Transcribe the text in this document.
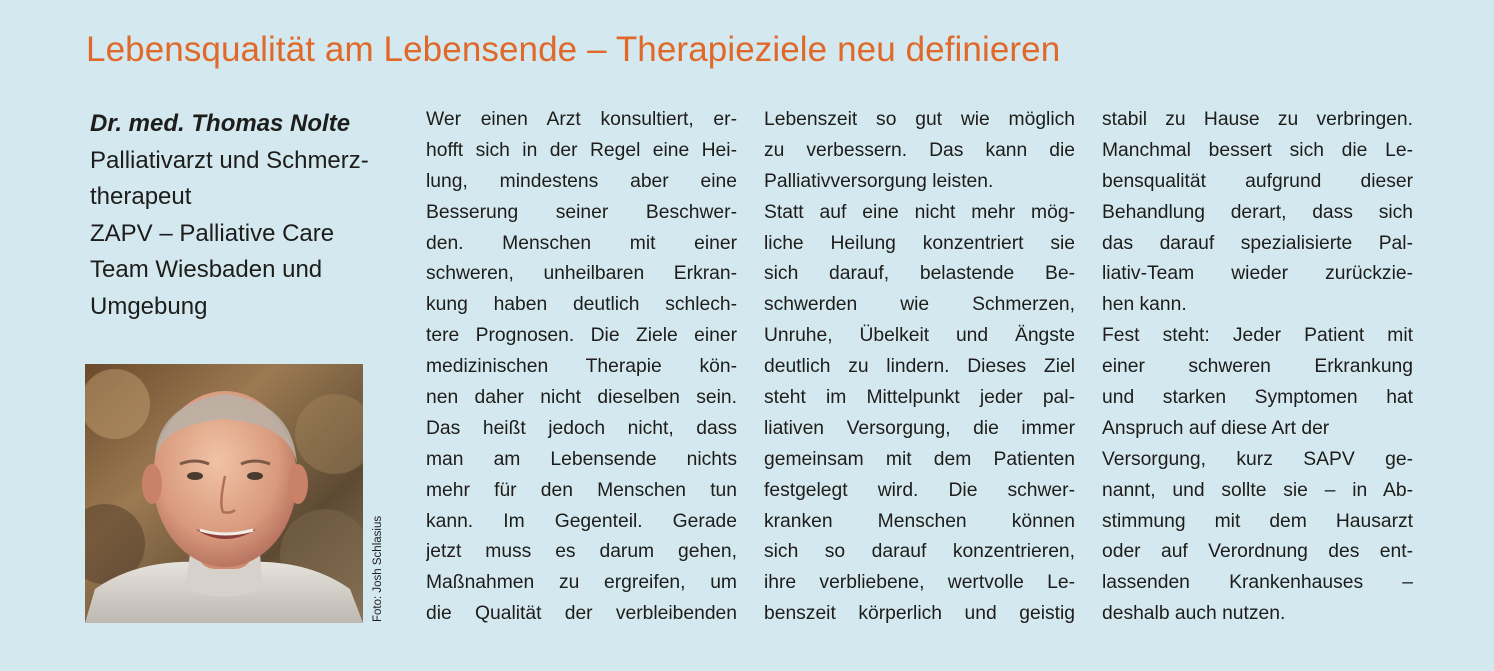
Lebensqualität am Lebensende – Therapieziele neu definieren
Dr. med. Thomas Nolte
Palliativarzt und Schmerz-
therapeut
ZAPV – Palliative Care
Team Wiesbaden und
Umgebung
Foto: Josh Schlasius
Wer einen Arzt konsultiert, er-
hofft sich in der Regel eine Hei-
lung, mindestens aber eine
Besserung seiner Beschwer-
den. Menschen mit einer
schweren, unheilbaren Erkran-
kung haben deutlich schlech-
tere Prognosen. Die Ziele einer
medizinischen Therapie kön-
nen daher nicht dieselben sein.
Das heißt jedoch nicht, dass
man am Lebensende nichts
mehr für den Menschen tun
kann. Im Gegenteil. Gerade
jetzt muss es darum gehen,
Maßnahmen zu ergreifen, um
die Qualität der verbleibenden
Lebenszeit so gut wie möglich
zu verbessern. Das kann die
Palliativversorgung leisten.
Statt auf eine nicht mehr mög-
liche Heilung konzentriert sie
sich darauf, belastende Be-
schwerden wie Schmerzen,
Unruhe, Übelkeit und Ängste
deutlich zu lindern. Dieses Ziel
steht im Mittelpunkt jeder pal-
liativen Versorgung, die immer
gemeinsam mit dem Patienten
festgelegt wird. Die schwer-
kranken Menschen können
sich so darauf konzentrieren,
ihre verbliebene, wertvolle Le-
benszeit körperlich und geistig
stabil zu Hause zu verbringen.
Manchmal bessert sich die Le-
bensqualität aufgrund dieser
Behandlung derart, dass sich
das darauf spezialisierte Pal-
liativ-Team wieder zurückzie-
hen kann.
Fest steht: Jeder Patient mit
einer schweren Erkrankung
und starken Symptomen hat
Anspruch auf diese Art der
Versorgung, kurz SAPV ge-
nannt, und sollte sie – in Ab-
stimmung mit dem Hausarzt
oder auf Verordnung des ent-
lassenden Krankenhauses –
deshalb auch nutzen.
